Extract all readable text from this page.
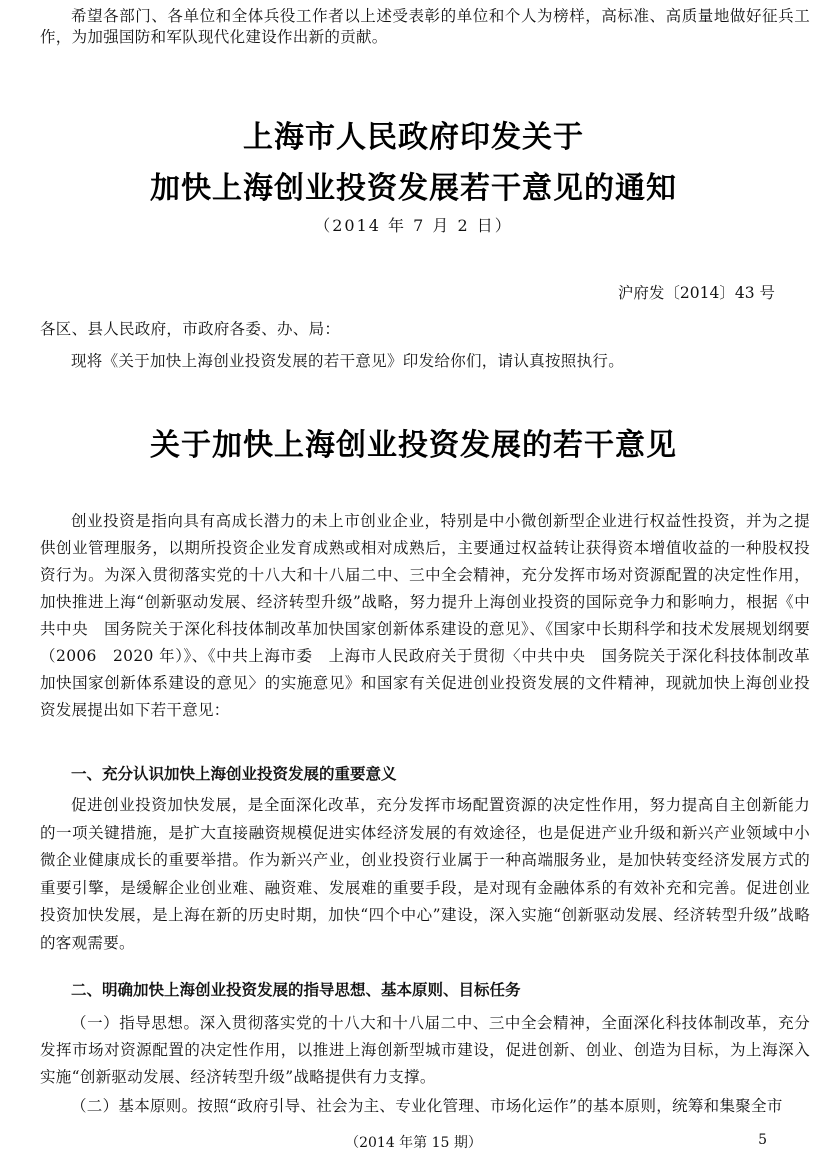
希望各部门、各单位和全体兵役工作者以上述受表彰的单位和个人为榜样，高标准、高质量地做好征兵工作，为加强国防和军队现代化建设作出新的贡献。
上海市人民政府印发关于
加快上海创业投资发展若干意见的通知
（2014 年 7 月 2 日）
沪府发〔2014〕43 号
各区、县人民政府，市政府各委、办、局：
现将《关于加快上海创业投资发展的若干意见》印发给你们，请认真按照执行。
关于加快上海创业投资发展的若干意见
创业投资是指向具有高成长潜力的未上市创业企业，特别是中小微创新型企业进行权益性投资，并为之提供创业管理服务，以期所投资企业发育成熟或相对成熟后，主要通过权益转让获得资本增值收益的一种股权投资行为。为深入贯彻落实党的十八大和十八届二中、三中全会精神，充分发挥市场对资源配置的决定性作用，加快推进上海“创新驱动发展、经济转型升级”战略，努力提升上海创业投资的国际竞争力和影响力，根据《中共中央　国务院关于深化科技体制改革加快国家创新体系建设的意见》、《国家中长期科学和技术发展规划纲要（2006　2020 年）》、《中共上海市委　上海市人民政府关于贯彻〈中共中央　国务院关于深化科技体制改革加快国家创新体系建设的意见〉的实施意见》和国家有关促进创业投资发展的文件精神，现就加快上海创业投资发展提出如下若干意见：
一、充分认识加快上海创业投资发展的重要意义
促进创业投资加快发展，是全面深化改革，充分发挥市场配置资源的决定性作用，努力提高自主创新能力的一项关键措施，是扩大直接融资规模促进实体经济发展的有效途径，也是促进产业升级和新兴产业领域中小微企业健康成长的重要举措。作为新兴产业，创业投资行业属于一种高端服务业，是加快转变经济发展方式的重要引擎，是缓解企业创业难、融资难、发展难的重要手段，是对现有金融体系的有效补充和完善。促进创业投资加快发展，是上海在新的历史时期，加快“四个中心”建设，深入实施“创新驱动发展、经济转型升级”战略的客观需要。
二、明确加快上海创业投资发展的指导思想、基本原则、目标任务
（一）指导思想。深入贯彻落实党的十八大和十八届二中、三中全会精神，全面深化科技体制改革，充分发挥市场对资源配置的决定性作用，以推进上海创新型城市建设，促进创新、创业、创造为目标，为上海深入实施“创新驱动发展、经济转型升级”战略提供有力支撑。
（二）基本原则。按照“政府引导、社会为主、专业化管理、市场化运作”的基本原则，统筹和集聚全市
（2014 年第 15 期）	5
